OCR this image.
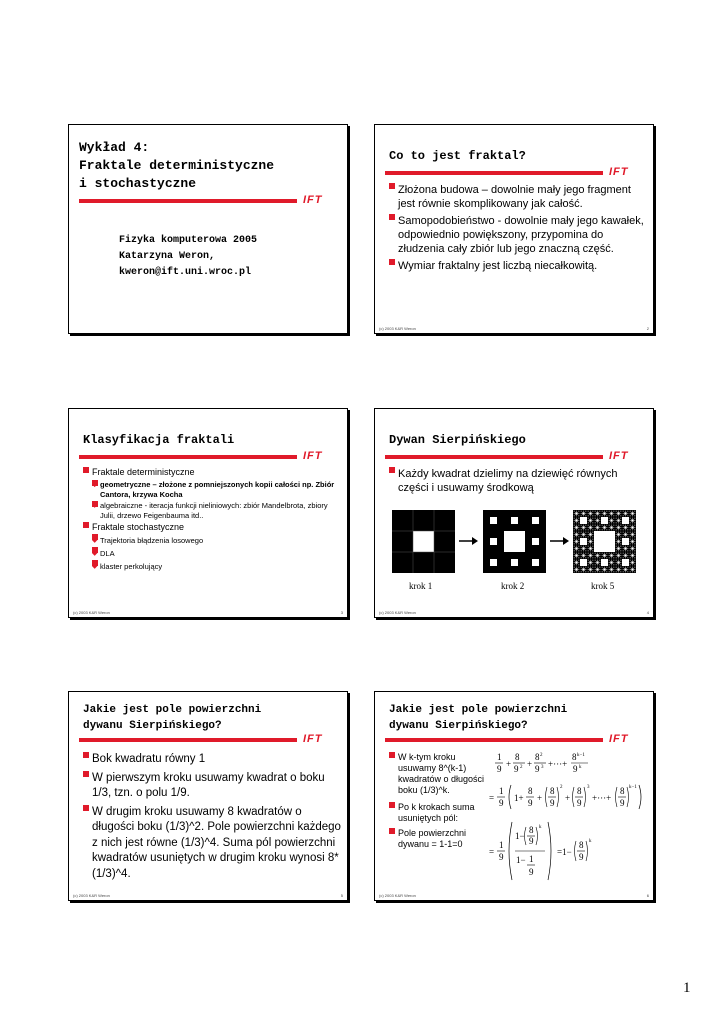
Wykład 4:
Fraktale deterministyczne
i stochastyczne
IFT
Fizyka komputerowa 2005
Katarzyna Weron,
kweron@ift.uni.wroc.pl
Co to jest fraktal?
IFT
Złożona budowa – dowolnie mały jego fragment jest równie skomplikowany jak całość.
Samopodobieństwo - dowolnie mały jego kawałek, odpowiednio powiększony, przypomina do złudzenia cały zbiór lub jego znaczną część.
Wymiar fraktalny jest liczbą niecałkowitą.
(c) 2003 K&R Weron	2
Klasyfikacja fraktali
IFT
Fraktale deterministyczne
◆ geometryczne – złożone z pomniejszonych kopii całości np. Zbiór Cantora, krzywa Kocha
◆ algebraiczne - iteracja funkcji nieliniowych: zbiór Mandelbrota, zbiory Julii, drzewo Feigenbauma itd..
Fraktale stochastyczne
◆ Trajektoria błądzenia losowego
◆ DLA
◆ klaster perkolujący
(c) 2003 K&R Weron	3
Dywan Sierpińskiego
IFT
Każdy kwadrat dzielimy na dziewięć równych części i usuwamy środkową
krok 1	krok 2	krok 5
(c) 2003 K&R Weron	4
Jakie jest pole powierzchni
dywanu Sierpińskiego?
IFT
Bok kwadratu równy 1
W pierwszym kroku usuwamy kwadrat o boku 1/3, tzn. o polu 1/9.
W drugim kroku usuwamy 8 kwadratów o długości boku (1/3)^2. Pole powierzchni każdego z nich jest równe (1/3)^4. Suma pól powierzchni kwadratów usuniętych w drugim kroku wynosi 8* (1/3)^4.
(c) 2003 K&R Weron	5
Jakie jest pole powierzchni
dywanu Sierpińskiego?
IFT
W k-tym kroku usuwamy 8^(k-1) kwadratów o długości boku (1/3)^k.
Po k krokach suma usuniętych pól:
Pole powierzchni dywanu = 1-1=0
1
9 +
8
9 2 +
8 2
9 3 +···+
8 k−1
9 k
=
1
9 1+
8
9 +
8
9
2
+
8
9
3
+···+
8
9
k−1
=
1
9
1−
8
9
k
1− 1
9
=1−
8
9
k
(c) 2003 K&R Weron	6
1
